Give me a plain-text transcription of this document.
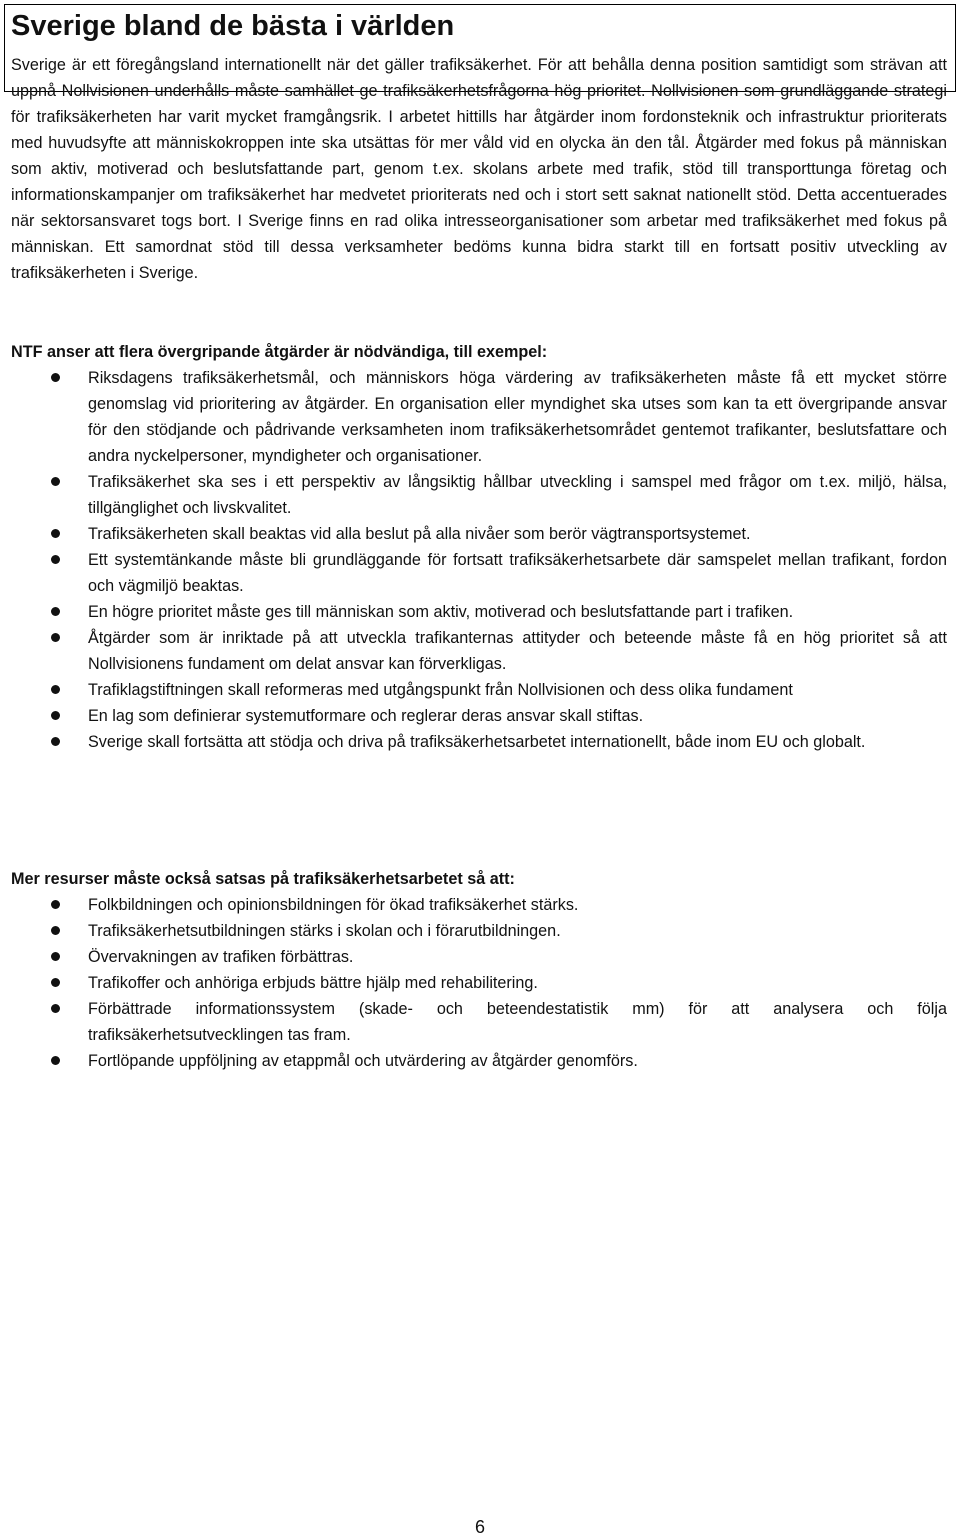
Sverige bland de bästa i världen

Sverige är ett föregångsland internationellt när det gäller trafiksäkerhet. För att behålla denna position samtidigt som strävan att uppnå Nollvisionen underhålls måste samhället ge trafiksäkerhetsfrågorna hög prioritet. Nollvisionen som grundläggande strategi för trafiksäkerheten har varit mycket framgångsrik. I arbetet hittills har åtgärder inom fordonsteknik och infrastruktur prioriterats med huvudsyfte att människokroppen inte ska utsättas för mer våld vid en olycka än den tål. Åtgärder med fokus på människan som aktiv, motiverad och beslutsfattande part, genom t.ex. skolans arbete med trafik, stöd till transporttunga företag och informationskampanjer om trafiksäkerhet har medvetet prioriterats ned och i stort sett saknat nationellt stöd. Detta accentuerades när sektorsansvaret togs bort. I Sverige finns en rad olika intresseorganisationer som arbetar med trafiksäkerhet med fokus på människan. Ett samordnat stöd till dessa verksamheter bedöms kunna bidra starkt till en fortsatt positiv utveckling av trafiksäkerheten i Sverige.

NTF anser att flera övergripande åtgärder är nödvändiga, till exempel:
Riksdagens trafiksäkerhetsmål, och människors höga värdering av trafiksäkerheten måste få ett mycket större genomslag vid prioritering av åtgärder. En organisation eller myndighet ska utses som kan ta ett övergripande ansvar för den stödjande och pådrivande verksamheten inom trafiksäkerhetsområdet gentemot trafikanter, beslutsfattare och andra nyckelpersoner, myndigheter och organisationer.
Trafiksäkerhet ska ses i ett perspektiv av långsiktig hållbar utveckling i samspel med frågor om t.ex. miljö, hälsa, tillgänglighet och livskvalitet.
Trafiksäkerheten skall beaktas vid alla beslut på alla nivåer som berör vägtransportsystemet.
Ett systemtänkande måste bli grundläggande för fortsatt trafiksäkerhetsarbete där samspelet mellan trafikant, fordon och vägmiljö beaktas.
En högre prioritet måste ges till människan som aktiv, motiverad och beslutsfattande part i trafiken.
Åtgärder som är inriktade på att utveckla trafikanternas attityder och beteende måste få en hög prioritet så att Nollvisionens fundament om delat ansvar kan förverkligas.
Trafiklagstiftningen skall reformeras med utgångspunkt från Nollvisionen och dess olika fundament
En lag som definierar systemutformare och reglerar deras ansvar skall stiftas.
Sverige skall fortsätta att stödja och driva på trafiksäkerhetsarbetet internationellt, både inom EU och globalt.
Mer resurser måste också satsas på trafiksäkerhetsarbetet så att:
Folkbildningen och opinionsbildningen för ökad trafiksäkerhet stärks.
Trafiksäkerhetsutbildningen stärks i skolan och i förarutbildningen.
Övervakningen av trafiken förbättras.
Trafikoffer och anhöriga erbjuds bättre hjälp med rehabilitering.
Förbättrade informationssystem (skade- och beteendestatistik mm) för att analysera och följa trafiksäkerhetsutvecklingen tas fram.
Fortlöpande uppföljning av etappmål och utvärdering av åtgärder genomförs.
6
